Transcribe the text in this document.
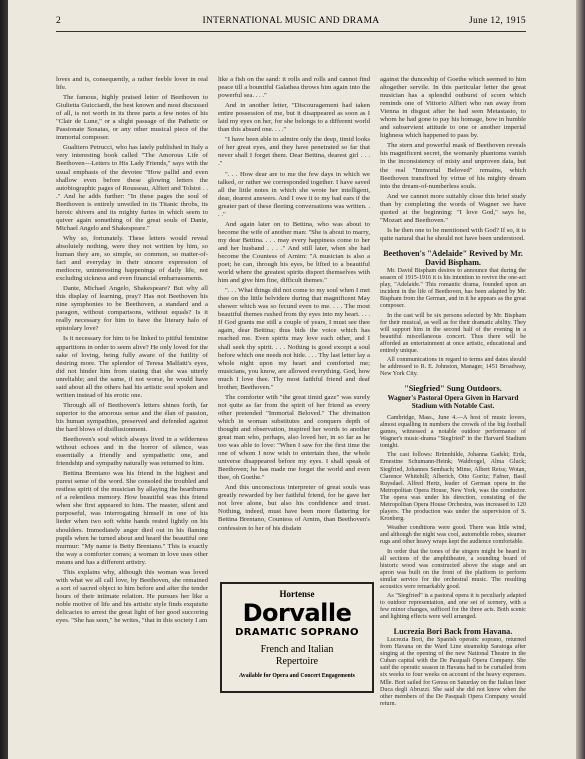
2	INTERNATIONAL MUSIC AND DRAMA	June 12, 1915

loves and is, consequently, a rather feeble lover in real life.

The famous, highly praised letter of Beethoven to Giulietta Guicciardi, the best known and most discussed of all, is not worth in its three parts a few notes of his "Clair de Lune," or a slight passage of the Pathetic or Passionate Sonatas, or any other musical piece of the immortal composer.

Gualtiero Petrucci, who has lately published in Italy a very interesting book called "The Amorous Life of Beethoven—Letters to His Lady Friends," says with the usual emphasis of the devotee "How pallid and even shallow even before these glowing letters the autobiographic pages of Rousseau, Alfieri and Tolstoi . . ." And he adds further: "In these pages the soul of Beethoven is entirely unveiled in its Titanic throbs, its heroic shivers and its mighty furies in which seem to quiver again something of the great souls of Dante, Michael Angelo and Shakespeare."

Why so, fortunately. These letters would reveal absolutely nothing, were they not written by him, so human they are, so simple, so common, so matter-of-fact and everyday in their sincere expression of mediocre, uninteresting happenings of daily life, not excluding sickness and even financial embarrassments.

Dante, Michael Angelo, Shakespeare? But why all this display of learning, pray? Has not Beethoven his nine symphonies to be Beethoven, a standard and a paragon, without comparisons, without equals? Is it really necessary for him to have the literary halo of epistolary love?

Is it necessary for him to be linked to pitiful feminine apparitions in order to seem alive? He only loved for the sake of loving, being fully aware of the futility of desiring more. The splendor of Teresa Malfatti's eyes, did not hinder him from stating that she was utterly unreliable; and the same, if not worse, he would have said about all the others had his artistic soul spoken and written instead of his erotic one.

Through all of Beethoven's letters shines forth, far superior to the amorous sense and the élan of passion, his human sympathies, preserved and defended against the hard blows of disillusionment.

Beethoven's soul which always lived in a wilderness without echoes and in the horror of silence, was essentially a friendly and sympathetic one, and friendship and sympathy naturally was returned to him.

Bettina Brentano was his friend in the highest and purest sense of the word. She consoled the troubled and restless spirit of the musician by allaying the heartburns of a relentless memory. How beautiful was this friend when she first appeared to him. The master, silent and purposeful, was interrogating himself in one of his lieder when two soft white hands rested lightly on his shoulders. Immediately anger died out in his flaming pupils when he turned about and heard the beautiful one murmur: "My name is Betty Brentano." This is exactly the way a comforter comes; a woman in love uses other means and has a different artistry.

This explains why, although this woman was loved with what we all call love, by Beethoven, she remained a sort of sacred object to him before and after the tender hours of their intimate relation. He pursues her like a noble motive of life and his artistic style finds exquisite delicacies to arrest the great light of her good succoring eyes. "She has seen," he writes, "that in this society I am

like a fish on the sand: it rolls and rolls and cannot find peace till a bountiful Galathea throws him again into the powerful sea. . . ."

And in another letter, "Discouragement had taken entire possession of me, but it disappeared as soon as I laid my eyes on her, for she belongs to a different world than this absurd one. . . ."

"I have been able to admire only the deep, timid looks of her great eyes, and they have penetrated so far that never shall I forget them. Dear Bettina, dearest girl . . . ."

". . . How dear are to me the few days in which we talked, or rather we corresponded together. I have saved all the little notes in which she wrote her intelligent, dear, dearest answers. And I owe it to my bad ears if the greater part of these fleeting conversations was written. . . ."

And again later on to Bettina, who was about to become the wife of another man: "She is about to marry, my dear Bettina. . . . may every happiness come to her and her husband . . . ." And still later, when she had become the Countess of Arnim: "A musician is also a poet; he can, through his eyes, be lifted to a beautiful world where the greatest spirits disport themselves with him and give him fine, difficult themes."

". . . What things did not come to my soul when I met thee on the little belvidere during that magnificent May shower which was so fecund even to me. . . . The most beautiful themes rushed from thy eyes into my heart. . . . If God grants me still a couple of years, I must see thee again, dear Bettina; thus bids the voice which has reached me. Even spirits may love each other, and I shall seek thy spirit. . . . Nothing is good except a soul before which one needs not hide. . . . Thy last letter lay a whole night upon my heart and comforted me; musicians, you know, are allowed everything. God, how much I love thee. Thy most faithful friend and deaf brother, Beethoven."

The comforter with "the great timid gaze" was surely not quite as far from the spirit of her friend as every other pretended "Immortal Beloved." The divination which in woman substitutes and conquers depth of thought and observation, inspired her words to another great man who, perhaps, also loved her, in so far as he too was able to love: "When I saw for the first time the one of whom I now wish to entertain thee, the whole universe disappeared before my eyes. I shall speak of Beethoven; he has made me forget the world and even thee, oh Goethe."

And this unconscious interpreter of great souls was greatly rewarded by her faithful friend, for he gave her not love alone, but also his confidence and trust. Nothing, indeed, must have been more flattering for Bettina Brentano, Countess of Arnim, than Beethoven's confession to her of his disdain

Hortense
Dorvalle
DRAMATIC SOPRANO
French and Italian
Repertoire
Available for Opera and Concert Engagements

against the dunceship of Goethe which seemed to him altogether servile. In this particular letter the great musician has a splendid outburst of scorn which reminds one of Vittorio Alfieri who ran away from Vienna in disgust after he had seen Metastasio, to whom he had gone to pay his homage, bow in humble and subservient attitude to one or another imperial highness which happened to pass by.

The stern and powerful mask of Beethoven reveals his magnificent secret, the womanly phantoms vanish in the inconsistency of misty and unproven data, but the real "Immortal Beloved" remains, which Beethoven transfixed by virtue of his mighty dream into the dream-of-numberless souls.

And we cannot more suitably close this brief study than by completing the words of Wagner we have quoted at the beginning: "I love God," says he, "Mozart and Beethoven."

Is he then one to be mentioned with God? If so, it is quite natural that he should not have been understood.

Beethoven's "Adelaide" Revived by Mr. David Bispham.

Mr. David Bispham desires to announce that during the season of 1915-1916 it is his intention to revive the one-act play, "Adelaide." This romantic drama, founded upon an incident in the life of Beethoven, has been adapted by Mr. Bispham from the German, and in it he appears as the great composer.

In the cast will be six persons selected by Mr. Bispham for their musical, as well as for their dramatic ability. They will support him in the second half of the evening in a beautiful miscellaneous concert. Thus there will be afforded an entertainment at once artistic, educational and entirely unique.

All communications in regard to terms and dates should be addressed to R. E. Johnston, Manager, 1451 Broadway, New York City.

"Siegfried" Sung Outdoors.
Wagner's Pastoral Opera Given in Harvard Stadium with Notable Cast.

Cambridge, Mass., June 4.—A host of music lovers, almost equalling in numbers the crowds of the big football games, witnessed a notable outdoor performance of Wagner's music-drama "Siegfried" in the Harvard Stadium tonight.

The cast follows: Brünnhilde, Johanna Gadski; Erda, Ernestine Schumann-Heink; Waldvogel, Alma Gluck; Siegfried, Johannes Sembach; Mime, Albert Reiss; Wotan, Clarence Whitehill; Alberich, Otto Goritz; Fafner, Basil Ruysdael. Alfred Hertz, leader of German opera in the Metropolitan Opera House, New York, was the conductor. The opera was under his direction, consisting of the Metropolitan Opera House Orchestra, was increased to 120 players. The production was under the supervision of S. Kronberg.

Weather conditions were good. There was little wind, and although the night was cool, automobile robes, steamer rugs and other heavy wraps kept the audience comfortable.

In order that the tones of the singers might be heard in all sections of the amphitheatre, a sounding board of historic wood was constructed above the stage and an apron was built on the front of the platform to perform similar service for the orchestral music. The resulting acoustics were remarkably good.

As "Siegfried" is a pastoral opera it is peculiarly adapted to outdoor representation, and one set of scenery, with a few minor changes, sufficed for the three acts. Both scenic and lighting effects were well arranged.

Lucrezia Bori Back from Havana.

Lucrezia Bori, the Spanish operatic soprano, returned from Havana on the Ward Line steamship Saratoga after singing at the opening of the new National Theatre in the Cuban capital with the De Pasquali Opera Company. She said the operatic season in Havana had to be curtailed from six weeks to four weeks on account of the heavy expenses. Mlle. Bori sailed for Genoa on Saturday on the Italian liner Duca degli Abruzzi. She said she did not know when the other members of the De Pasquali Opera Company would return.
